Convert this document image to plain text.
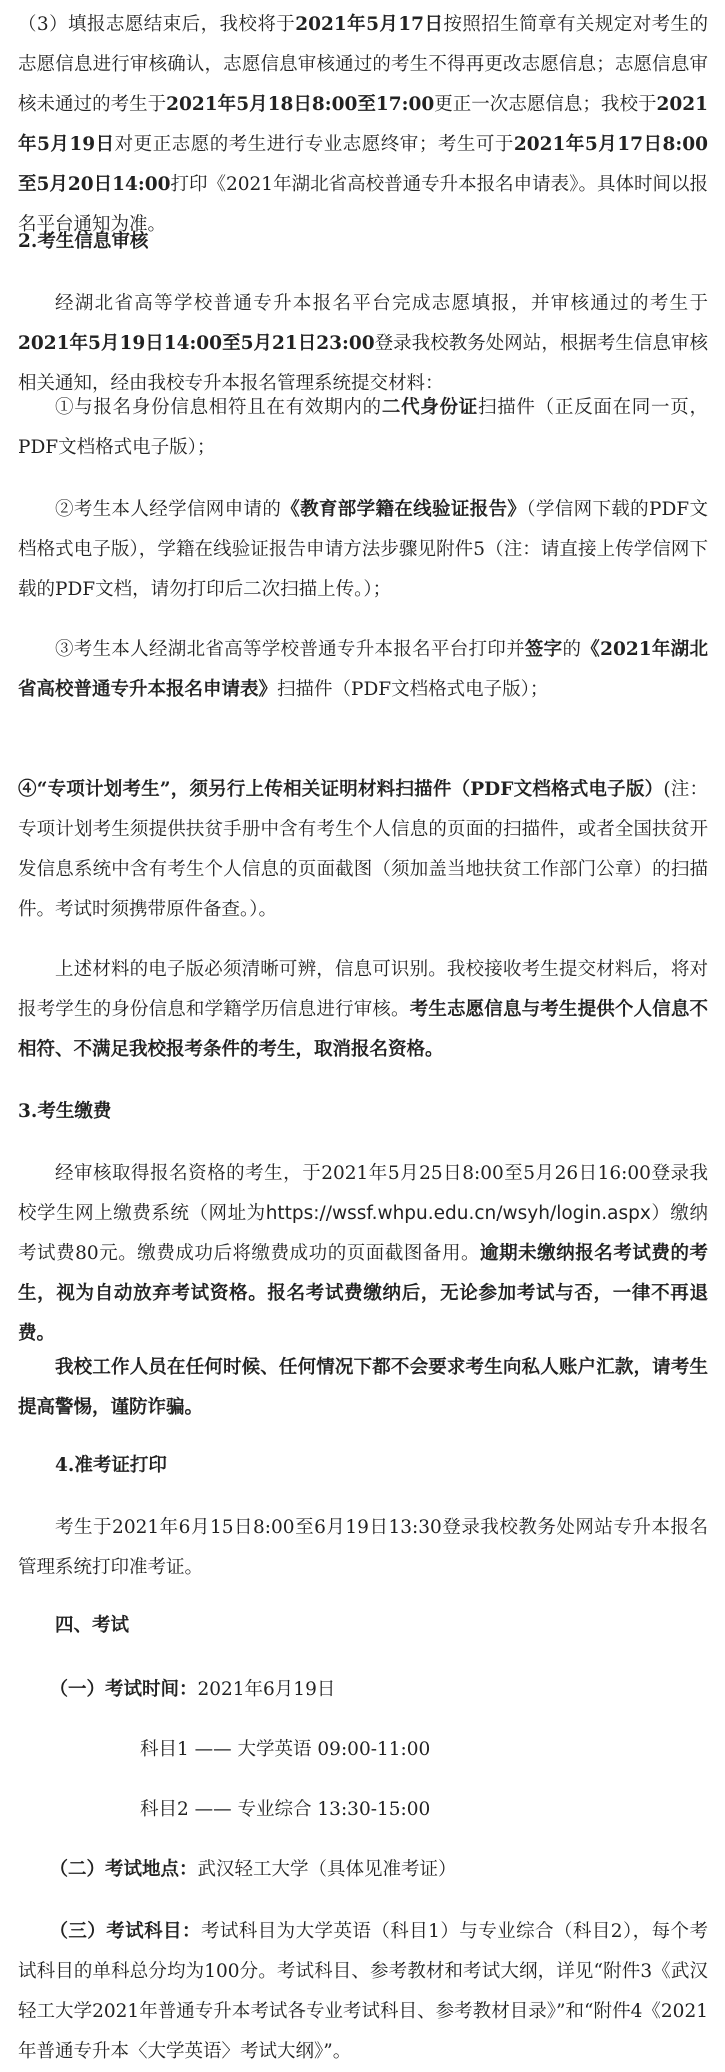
（3）填报志愿结束后，我校将于2021年5月17日按照招生简章有关规定对考生的志愿信息进行审核确认，志愿信息审核通过的考生不得再更改志愿信息；志愿信息审核未通过的考生于2021年5月18日8:00至17:00更正一次志愿信息；我校于2021年5月19日对更正志愿的考生进行专业志愿终审；考生可于2021年5月17日8:00至5月20日14:00打印《2021年湖北省高校普通专升本报名申请表》。具体时间以报名平台通知为准。

2.考生信息审核

经湖北省高等学校普通专升本报名平台完成志愿填报，并审核通过的考生于2021年5月19日14:00至5月21日23:00登录我校教务处网站，根据考生信息审核相关通知，经由我校专升本报名管理系统提交材料：

①与报名身份信息相符且在有效期内的二代身份证扫描件（正反面在同一页， PDF文档格式电子版）；

②考生本人经学信网申请的《教育部学籍在线验证报告》（学信网下载的PDF文档格式电子版），学籍在线验证报告申请方法步骤见附件5（注：请直接上传学信网下载的PDF文档，请勿打印后二次扫描上传。）；

③考生本人经湖北省高等学校普通专升本报名平台打印并签字的《2021年湖北省高校普通专升本报名申请表》扫描件（PDF文档格式电子版）；

④“专项计划考生”，须另行上传相关证明材料扫描件（PDF文档格式电子版）(注：专项计划考生须提供扶贫手册中含有考生个人信息的页面的扫描件，或者全国扶贫开发信息系统中含有考生个人信息的页面截图（须加盖当地扶贫工作部门公章）的扫描件。考试时须携带原件备查。）。

上述材料的电子版必须清晰可辨，信息可识别。我校接收考生提交材料后，将对报考学生的身份信息和学籍学历信息进行审核。考生志愿信息与考生提供个人信息不相符、不满足我校报考条件的考生，取消报名资格。

3.考生缴费

经审核取得报名资格的考生，于2021年5月25日8:00至5月26日16:00登录我校学生网上缴费系统（网址为https://wssf.whpu.edu.cn/wsyh/login.aspx）缴纳考试费80元。缴费成功后将缴费成功的页面截图备用。逾期未缴纳报名考试费的考生，视为自动放弃考试资格。报名考试费缴纳后，无论参加考试与否，一律不再退费。

我校工作人员在任何时候、任何情况下都不会要求考生向私人账户汇款，请考生提高警惕，谨防诈骗。

4.准考证打印

考生于2021年6月15日8:00至6月19日13:30登录我校教务处网站专升本报名管理系统打印准考证。

四、考试

（一）考试时间：2021年6月19日

科目1 —— 大学英语 09:00-11:00

科目2 —— 专业综合 13:30-15:00

（二）考试地点：武汉轻工大学（具体见准考证）

（三）考试科目：考试科目为大学英语（科目1）与专业综合（科目2），每个考试科目的单科总分均为100分。考试科目、参考教材和考试大纲，详见“附件3《武汉轻工大学2021年普通专升本考试各专业考试科目、参考教材目录》”和“附件4《2021年普通专升本〈大学英语〉考试大纲》”。
